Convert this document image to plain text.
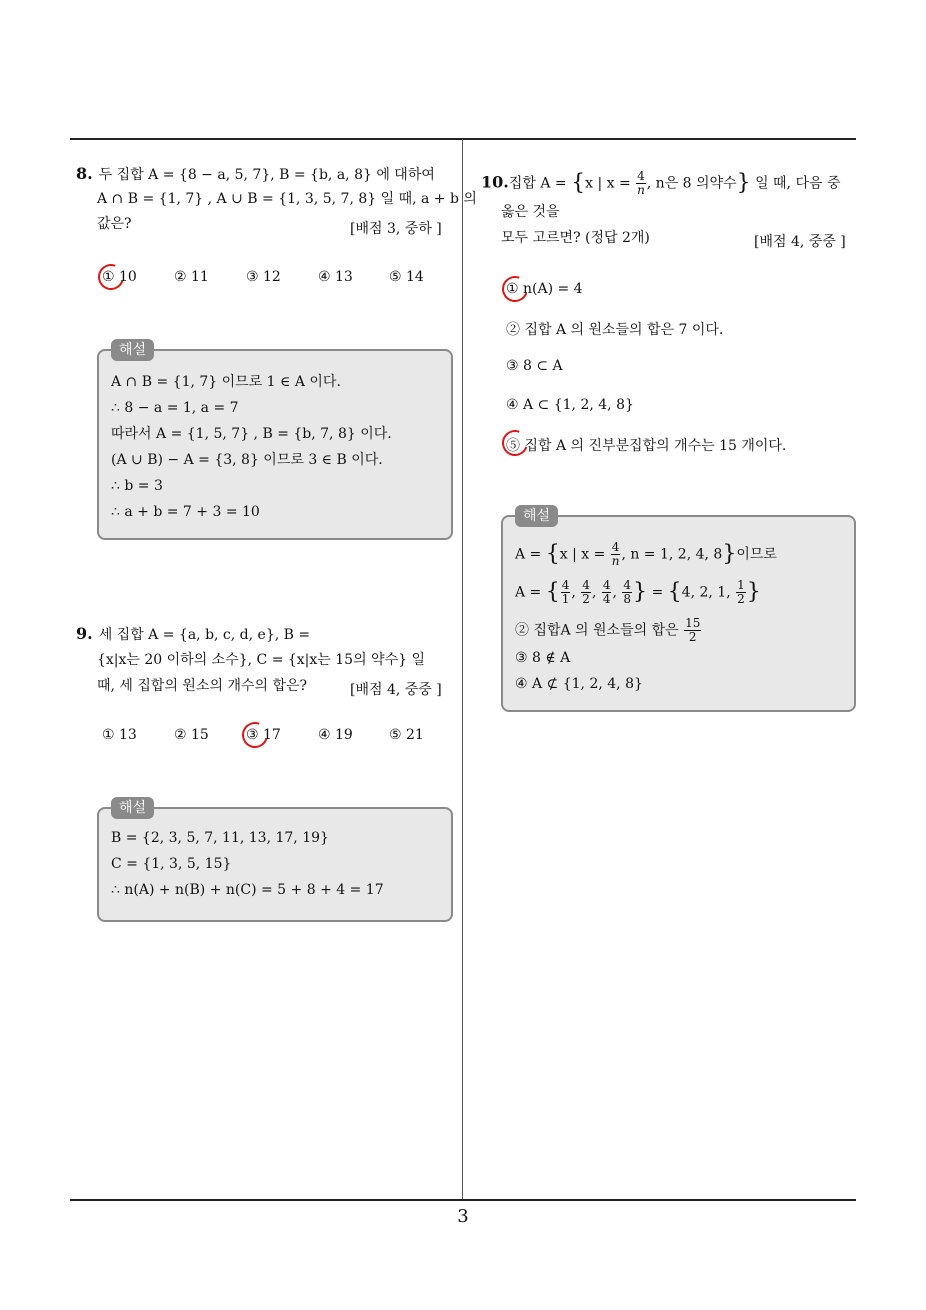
8. 두 집합 A = {8 − a, 5, 7}, B = {b, a, 8} 에 대하여
A ∩ B = {1, 7} , A ∪ B = {1, 3, 5, 7, 8} 일 때, a + b 의
값은?	[배점 3, 중하 ]
① 10	② 11	③ 12	④ 13	⑤ 14
해설
A ∩ B = {1, 7} 이므로 1 ∈ A 이다.
∴ 8 − a = 1, a = 7
따라서 A = {1, 5, 7} , B = {b, 7, 8} 이다.
(A ∪ B) − A = {3, 8} 이므로 3 ∈ B 이다.
∴ b = 3
∴ a + b = 7 + 3 = 10
9. 세 집합 A = {a, b, c, d, e}, B =
{x|x는 20 이하의 소수}, C = {x|x는 15의 약수} 일
때, 세 집합의 원소의 개수의 합은?	[배점 4, 중중 ]
① 13	② 15	③ 17	④ 19	⑤ 21
해설
B = {2, 3, 5, 7, 11, 13, 17, 19}
C = {1, 3, 5, 15}
∴ n(A) + n(B) + n(C) = 5 + 8 + 4 = 17
10.집합 A = {x | $x = \frac{4}{n}$ , n은 8 의약수} 일 때, 다음 중
옳은 것을
모두 고르면? (정답 2개)	[배점 4, 중중 ]
① n(A) = 4
② 집합 A 의 원소들의 합은 7 이다.
③ 8 ⊂ A
④ A ⊂ {1, 2, 4, 8}
⑤ 집합 A 의 진부분집합의 개수는 15 개이다.
해설
A = {x | $x = \frac{4}{n}$ , n = 1, 2, 4, 8}이므로
A = { $\frac{4}{1}$ , $\frac{4}{2}$ , $\frac{4}{4}$ , $\frac{4}{8}$ } = {4, 2, 1, $\frac{1}{2}$ }
② 집합A 의 원소들의 합은 $\frac{15}{2}$
③ 8 ∉ A
④ A ⊄ {1, 2, 4, 8}
3
